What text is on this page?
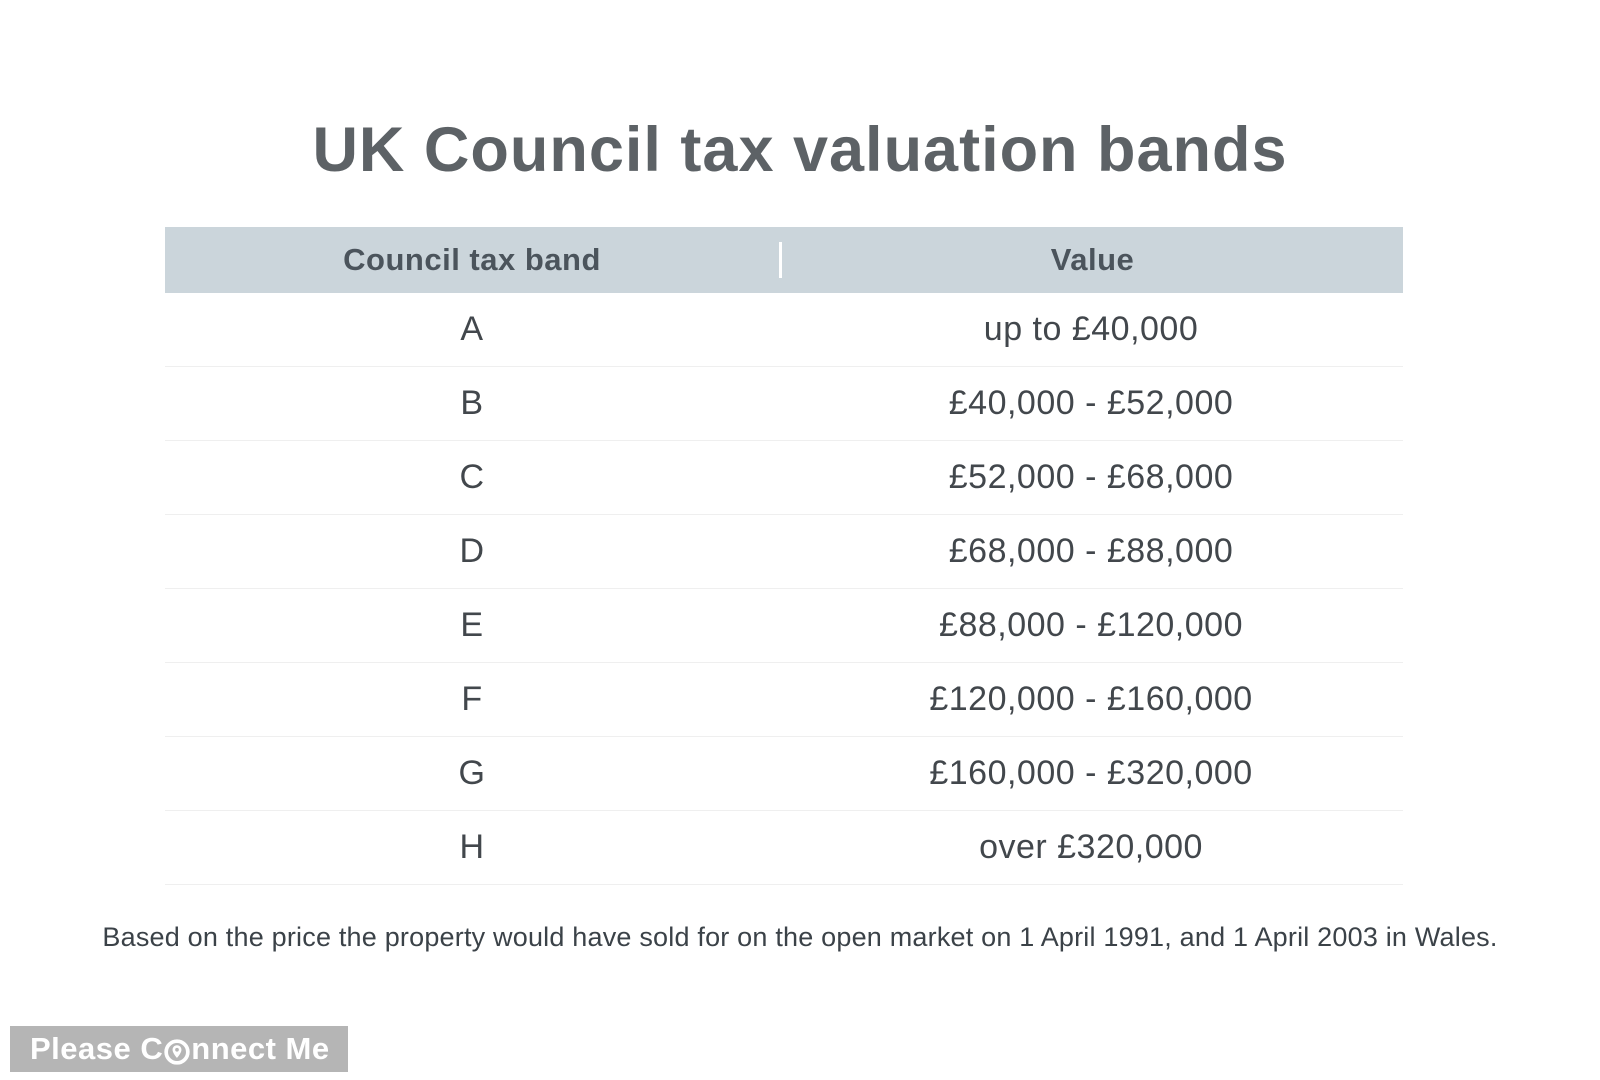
UK Council tax valuation bands
Council tax band	Value
A	up to £40,000
B	£40,000 - £52,000
C	£52,000 - £68,000
D	£68,000 - £88,000
E	£88,000 - £120,000
F	£120,000 - £160,000
G	£160,000 - £320,000
H	over £320,000
Based on the price the property would have sold for on the open market on 1 April 1991, and 1 April 2003 in Wales.
Please C nnect Me
